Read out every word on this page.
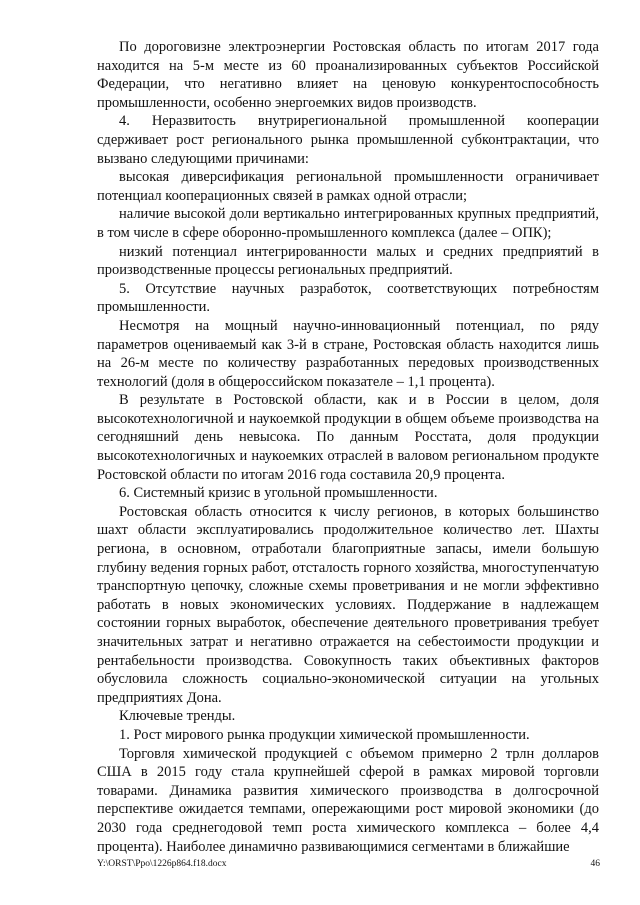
По дороговизне электроэнергии Ростовская область по итогам 2017 года находится на 5-м месте из 60 проанализированных субъектов Российской Федерации, что негативно влияет на ценовую конкурентоспособность промышленности, особенно энергоемких видов производств.

4. Неразвитость внутрирегиональной промышленной кооперации сдерживает рост регионального рынка промышленной субконтрактации, что вызвано следующими причинами:

высокая диверсификация региональной промышленности ограничивает потенциал кооперационных связей в рамках одной отрасли;

наличие высокой доли вертикально интегрированных крупных предприятий, в том числе в сфере оборонно-промышленного комплекса (далее – ОПК);

низкий потенциал интегрированности малых и средних предприятий в производственные процессы региональных предприятий.

5. Отсутствие научных разработок, соответствующих потребностям промышленности.

Несмотря на мощный научно-инновационный потенциал, по ряду параметров оцениваемый как 3-й в стране, Ростовская область находится лишь на 26-м месте по количеству разработанных передовых производственных технологий (доля в общероссийском показателе – 1,1 процента).

В результате в Ростовской области, как и в России в целом, доля высокотехнологичной и наукоемкой продукции в общем объеме производства на сегодняшний день невысока. По данным Росстата, доля продукции высокотехнологичных и наукоемких отраслей в валовом региональном продукте Ростовской области по итогам 2016 года составила 20,9 процента.

6. Системный кризис в угольной промышленности.

Ростовская область относится к числу регионов, в которых большинство шахт области эксплуатировались продолжительное количество лет. Шахты региона, в основном, отработали благоприятные запасы, имели большую глубину ведения горных работ, отсталость горного хозяйства, многоступенчатую транспортную цепочку, сложные схемы проветривания и не могли эффективно работать в новых экономических условиях. Поддержание в надлежащем состоянии горных выработок, обеспечение деятельного проветривания требует значительных затрат и негативно отражается на себестоимости продукции и рентабельности производства. Совокупность таких объективных факторов обусловила сложность социально-экономической ситуации на угольных предприятиях Дона.

Ключевые тренды.

1. Рост мирового рынка продукции химической промышленности.

Торговля химической продукцией с объемом примерно 2 трлн долларов США в 2015 году стала крупнейшей сферой в рамках мировой торговли товарами. Динамика развития химического производства в долгосрочной перспективе ожидается темпами, опережающими рост мировой экономики (до 2030 года среднегодовой темп роста химического комплекса – более 4,4 процента). Наиболее динамично развивающимися сегментами в ближайшие

Y:\ORST\Ppo\1226p864.f18.docx	46
